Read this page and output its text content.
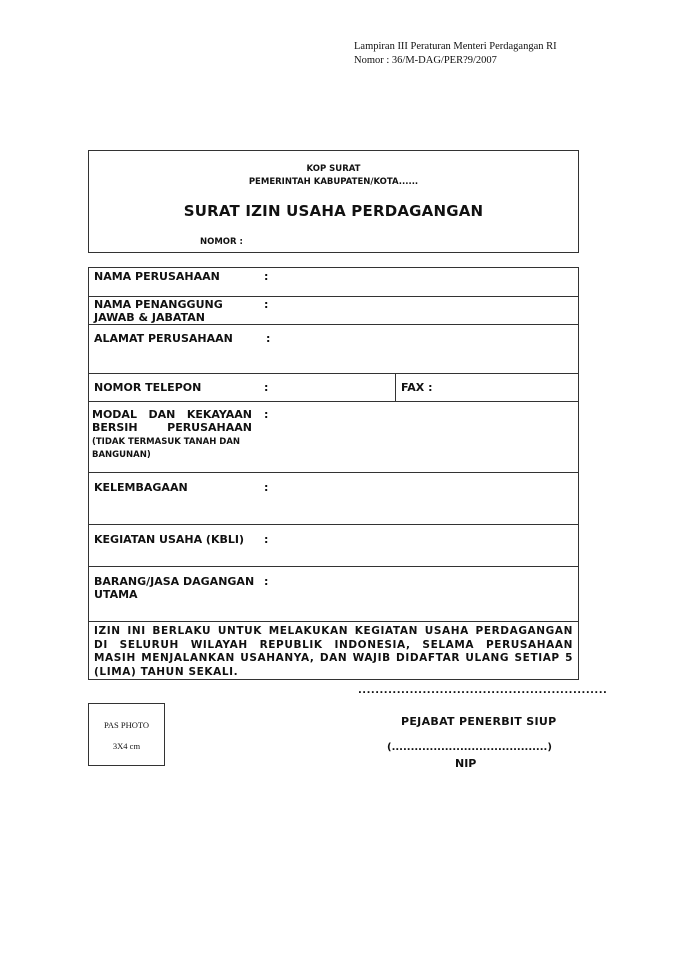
Lampiran III Peraturan Menteri Perdagangan RI
Nomor : 36/M-DAG/PER?9/2007
KOP SURAT
PEMERINTAH KABUPATEN/KOTA......
SURAT IZIN USAHA PERDAGANGAN
NOMOR :
NAMA PERUSAHAAN	:
NAMA PENANGGUNG
JAWAB & JABATAN
:
ALAMAT PERUSAHAAN	:
NOMOR TELEPON	:	FAX :
MODAL DAN KEKAYAAN
BERSIH PERUSAHAAN
(TIDAK TERMASUK TANAH DAN
BANGUNAN)
:
KELEMBAGAAN	:
KEGIATAN USAHA (KBLI) :
BARANG/JASA DAGANGAN
UTAMA
:
IZIN INI BERLAKU UNTUK MELAKUKAN KEGIATAN USAHA PERDAGANGAN DI SELURUH WILAYAH REPUBLIK INDONESIA, SELAMA PERUSAHAAN MASIH MENJALANKAN USAHANYA, DAN WAJIB DIDAFTAR ULANG SETIAP 5 (LIMA) TAHUN SEKALI.
PAS PHOTO
3X4 cm
..........................................................
PEJABAT PENERBIT SIUP
(.........................................)
NIP
